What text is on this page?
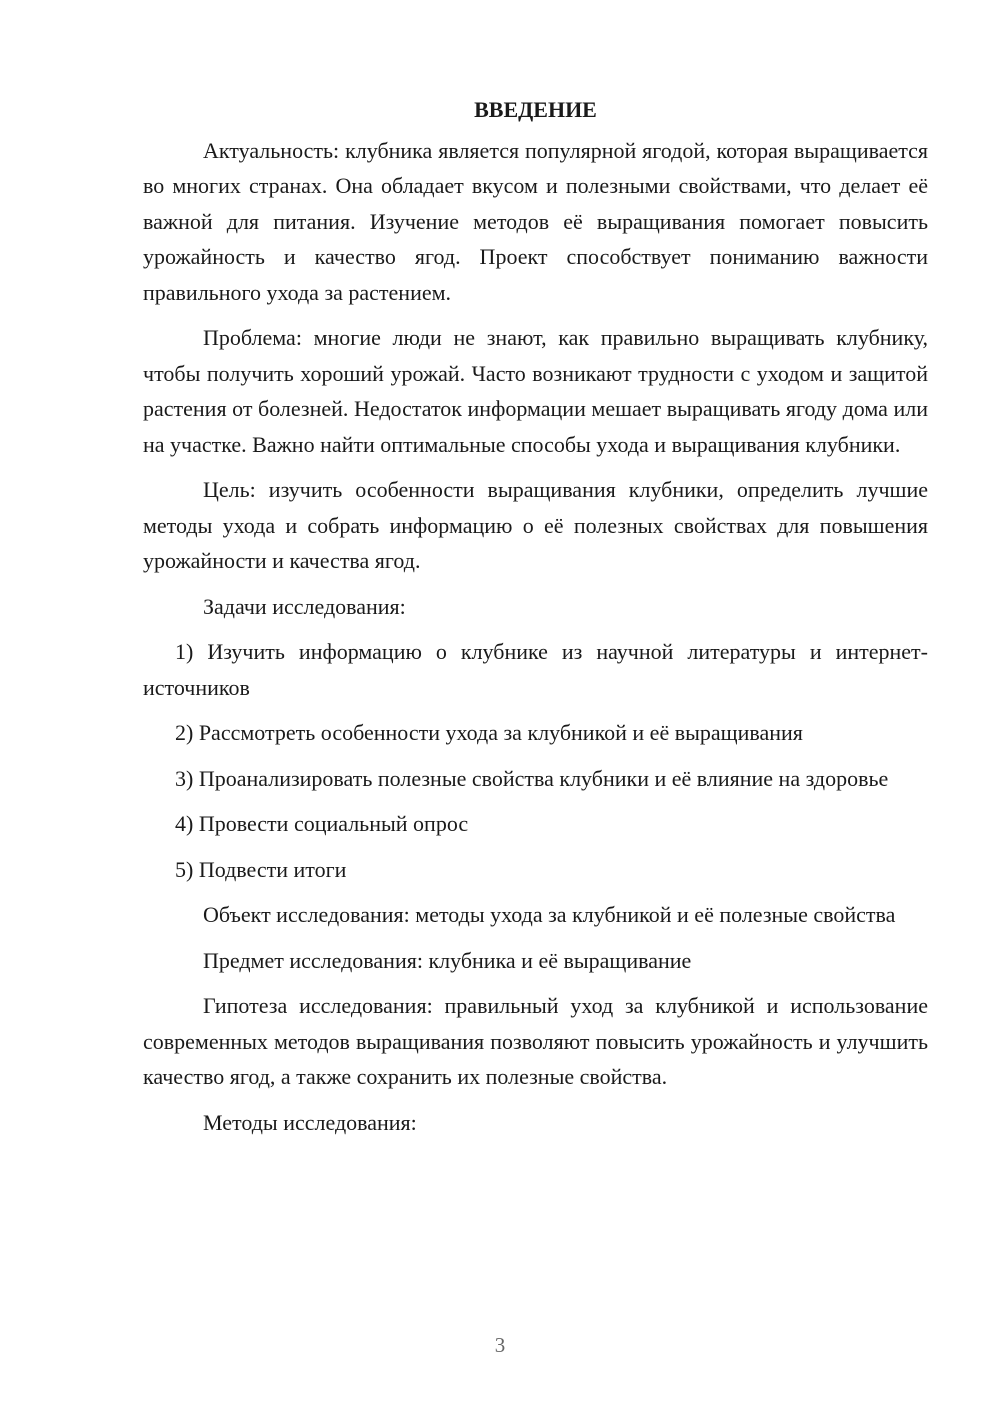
ВВЕДЕНИЕ

Актуальность: клубника является популярной ягодой, которая выращивается во многих странах. Она обладает вкусом и полезными свойствами, что делает её важной для питания. Изучение методов её выращивания помогает повысить урожайность и качество ягод. Проект способствует пониманию важности правильного ухода за растением.

Проблема: многие люди не знают, как правильно выращивать клубнику, чтобы получить хороший урожай. Часто возникают трудности с уходом и защитой растения от болезней. Недостаток информации мешает выращивать ягоду дома или на участке. Важно найти оптимальные способы ухода и выращивания клубники.

Цель: изучить особенности выращивания клубники, определить лучшие методы ухода и собрать информацию о её полезных свойствах для повышения урожайности и качества ягод.

Задачи исследования:

1) Изучить информацию о клубнике из научной литературы и интернет-источников

2) Рассмотреть особенности ухода за клубникой и её выращивания

3) Проанализировать полезные свойства клубники и её влияние на здоровье

4) Провести социальный опрос

5) Подвести итоги

Объект исследования: методы ухода за клубникой и её полезные свойства

Предмет исследования: клубника и её выращивание

Гипотеза исследования: правильный уход за клубникой и использование современных методов выращивания позволяют повысить урожайность и улучшить качество ягод, а также сохранить их полезные свойства.

Методы исследования:

3
